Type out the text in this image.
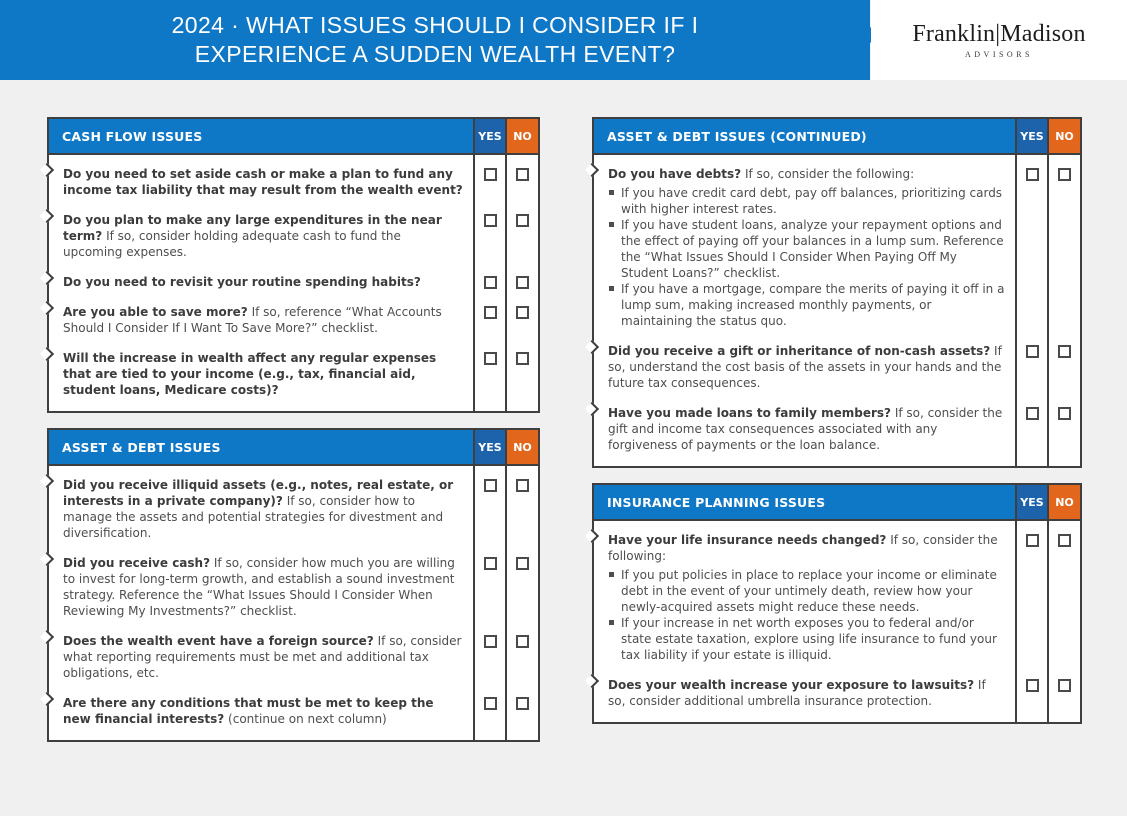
2024 · WHAT ISSUES SHOULD I CONSIDER IF I
EXPERIENCE A SUDDEN WEALTH EVENT?
Franklin|Madison
ADVISORS
CASH FLOW ISSUES	YES	NO

Do you need to set aside cash or make a plan to fund any income tax liability that may result from the wealth event?

Do you plan to make any large expenditures in the near term? If so, consider holding adequate cash to fund the upcoming expenses.

Do you need to revisit your routine spending habits?

Are you able to save more? If so, reference “What Accounts Should I Consider If I Want To Save More?” checklist.

Will the increase in wealth affect any regular expenses that are tied to your income (e.g., tax, financial aid, student loans, Medicare costs)?

ASSET & DEBT ISSUES	YES	NO

Did you receive illiquid assets (e.g., notes, real estate, or interests in a private company)? If so, consider how to manage the assets and potential strategies for divestment and diversification.

Did you receive cash? If so, consider how much you are willing to invest for long-term growth, and establish a sound investment strategy. Reference the “What Issues Should I Consider When Reviewing My Investments?” checklist.

Does the wealth event have a foreign source? If so, consider what reporting requirements must be met and additional tax obligations, etc.

Are there any conditions that must be met to keep the new financial interests? (continue on next column)

ASSET & DEBT ISSUES (CONTINUED)	YES	NO

Do you have debts? If so, consider the following:

If you have credit card debt, pay off balances, prioritizing cards with higher interest rates.
If you have student loans, analyze your repayment options and the effect of paying off your balances in a lump sum. Reference the “What Issues Should I Consider When Paying Off My Student Loans?” checklist.
If you have a mortgage, compare the merits of paying it off in a lump sum, making increased monthly payments, or maintaining the status quo.

Did you receive a gift or inheritance of non-cash assets? If so, understand the cost basis of the assets in your hands and the future tax consequences.

Have you made loans to family members? If so, consider the gift and income tax consequences associated with any forgiveness of payments or the loan balance.

INSURANCE PLANNING ISSUES	YES	NO

Have your life insurance needs changed? If so, consider the following:

If you put policies in place to replace your income or eliminate debt in the event of your untimely death, review how your newly-acquired assets might reduce these needs.
If your increase in net worth exposes you to federal and/or state estate taxation, explore using life insurance to fund your tax liability if your estate is illiquid.

Does your wealth increase your exposure to lawsuits? If so, consider additional umbrella insurance protection.
